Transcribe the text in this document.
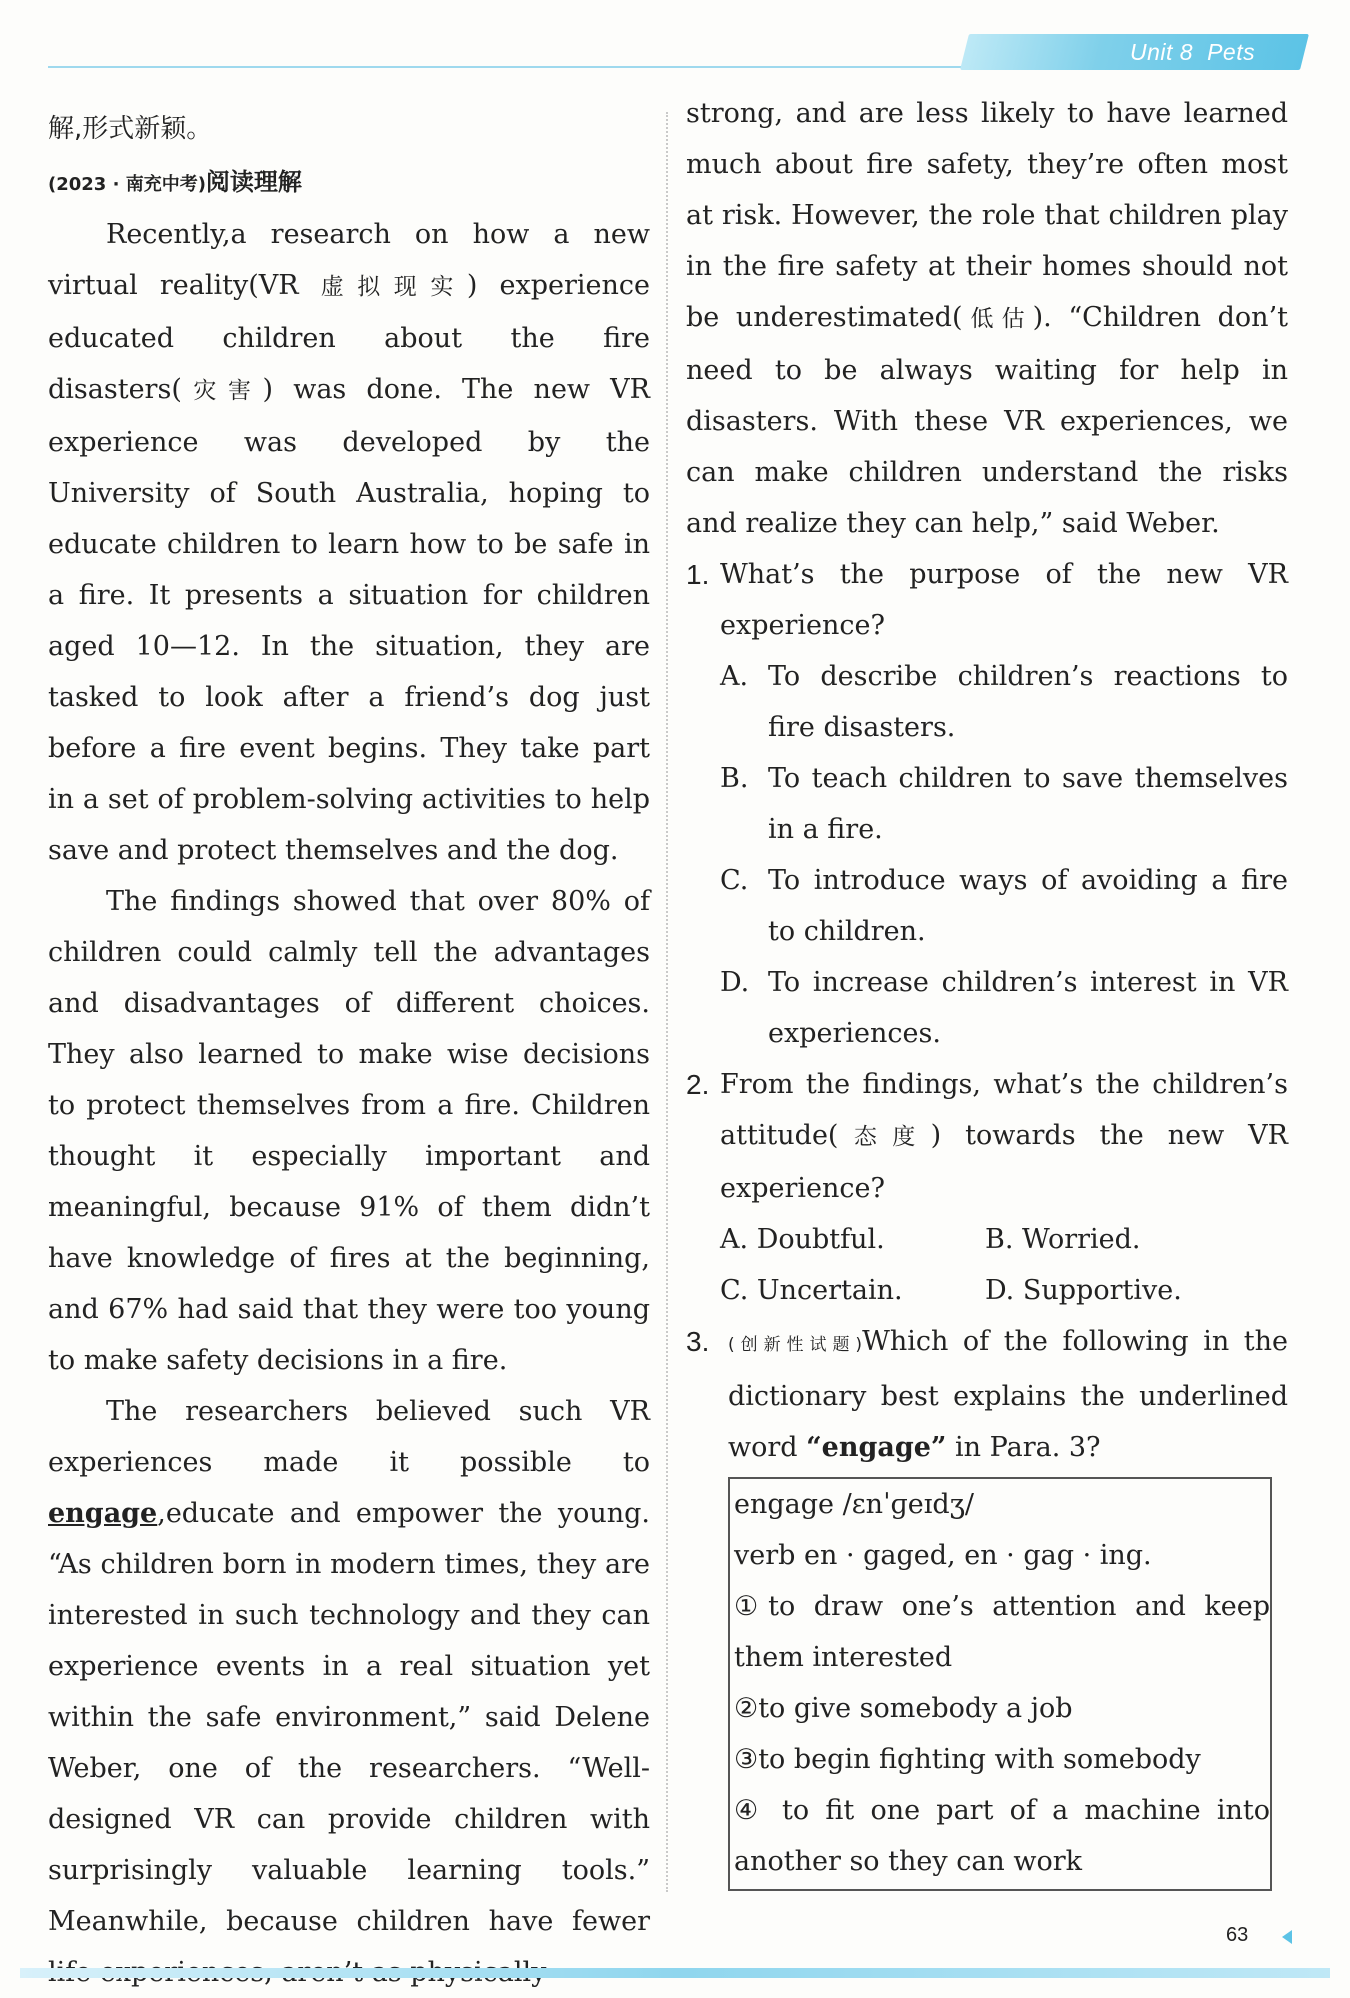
Unit 8 Pets

解,形式新颖。

(2023 · 南充中考)阅读理解

Recently,a research on how a new virtual reality(VR 虚拟现实) experience educated children about the fire disasters(灾害) was done. The new VR experience was developed by the University of South Australia, hoping to educate children to learn how to be safe in a fire. It presents a situation for children aged 10—12. In the situation, they are tasked to look after a friend’s dog just before a fire event begins. They take part in a set of problem-solving activities to help save and protect themselves and the dog.

The findings showed that over 80% of children could calmly tell the advantages and disadvantages of different choices. They also learned to make wise decisions to protect themselves from a fire. Children thought it especially important and meaningful, because 91% of them didn’t have knowledge of fires at the beginning, and 67% had said that they were too young to make safety decisions in a fire.

The researchers believed such VR experiences made it possible to engage,educate and empower the young. “As children born in modern times, they are interested in such technology and they can experience events in a real situation yet within the safe environment,” said Delene Weber, one of the researchers. “Well-designed VR can provide children with surprisingly valuable learning tools.” Meanwhile, because children have fewer

strong, and are less likely to have learned much about fire safety, they’re often most at risk. However, the role that children play in the fire safety at their homes should not be underestimated(低估). “Children don’t need to be always waiting for help in disasters. With these VR experiences, we can make children understand the risks and realize they can help,” said Weber.

1. What’s the purpose of the new VR experience?

A. To describe children’s reactions to fire disasters.

B. To teach children to save themselves in a fire.

C. To introduce ways of avoiding a fire to children.

D. To increase children’s interest in VR experiences.

2. From the findings, what’s the children’s attitude(态度) towards the new VR experience?

A. Doubtful.	B. Worried.
C. Uncertain.	D. Supportive.

3. (创新性试题)Which of the following in the dictionary best explains the underlined word “engage” in Para. 3?

engage /ɛnˈɡeɪdʒ/

verb en · gaged, en · gag · ing.

①to draw one’s attention and keep them interested

②to give somebody a job

③to begin fighting with somebody

④ to fit one part of a machine into another so they can work

63
